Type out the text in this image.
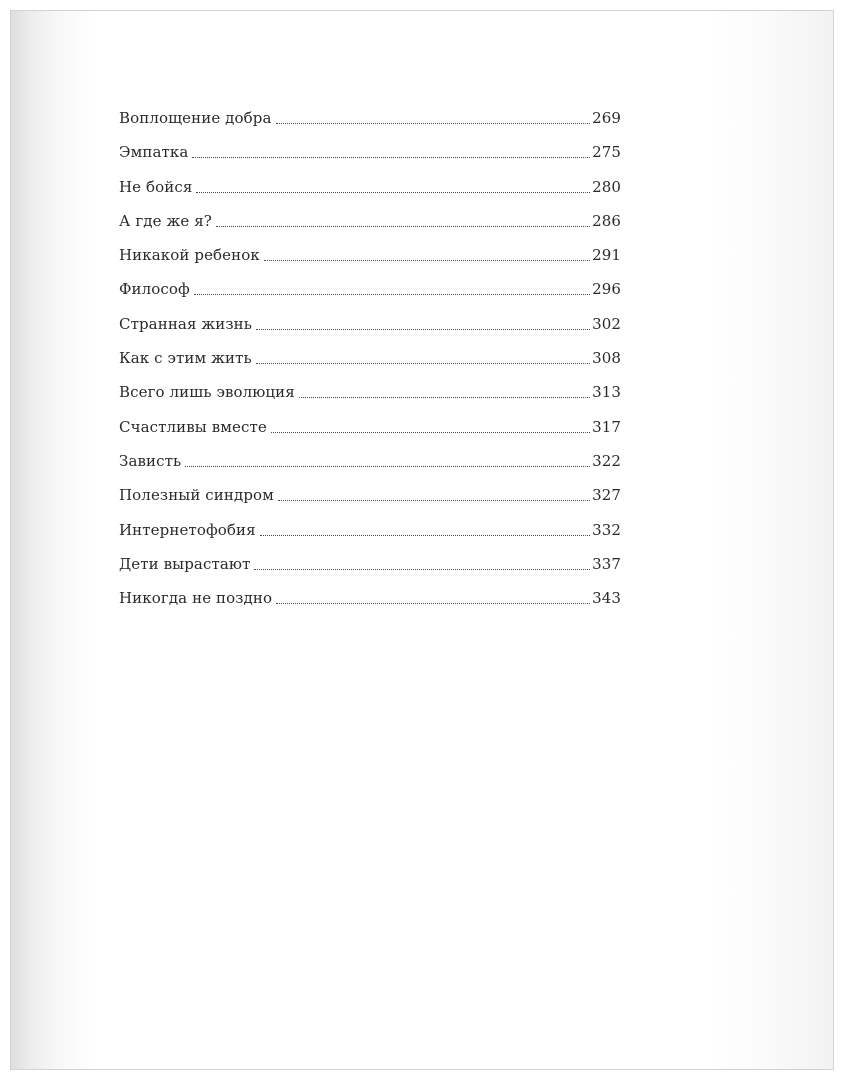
Воплощение добра	269
Эмпатка	275
Не бойся	280
А где же я?	286
Никакой ребенок	291
Философ	296
Странная жизнь	302
Как с этим жить	308
Всего лишь эволюция	313
Счастливы вместе	317
Зависть	322
Полезный синдром	327
Интернетофобия	332
Дети вырастают	337
Никогда не поздно	343
